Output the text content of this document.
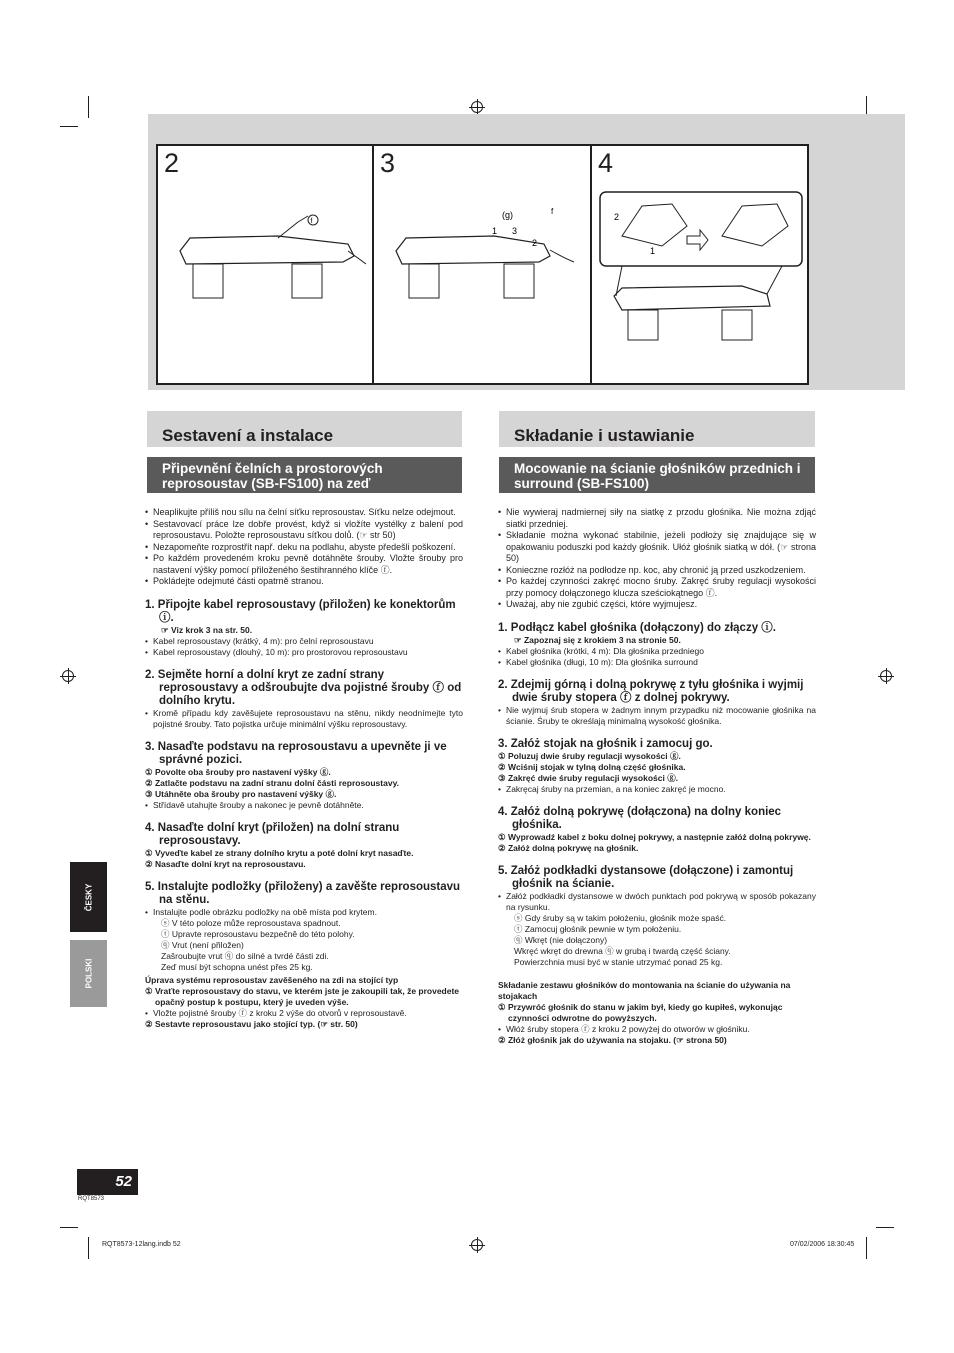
2
f
3
(g)
1 3
f
2
4
2
1
Sestavení a instalace
Připevnění čelních a prostorových reprosoustav (SB-FS100) na zeď
• Neaplikujte příliš nou sílu na čelní síťku reprosoustav. Síťku nelze odejmout.
• Sestavovací práce lze dobře provést, když si vložíte vystélky z balení pod reprosoustavu. Položte reprosoustavu síťkou dolů. (☞ str 50)
• Nezapomeňte rozprostřít např. deku na podlahu, abyste předešli poškození.
• Po každém provedeném kroku pevně dotáhněte šrouby. Vložte šrouby pro nastavení výšky pomocí přiloženého šestihranného klíče ⓕ.
• Pokládejte odejmuté části opatrně stranou.
1. Připojte kabel reprosoustavy (přiložen) ke konektorům ⓘ.
☞ Viz krok 3 na str. 50.
• Kabel reprosoustavy (krátký, 4 m): pro čelní reprosoustavu
• Kabel reprosoustavy (dlouhý, 10 m): pro prostorovou reprosoustavu
2. Sejměte horní a dolní kryt ze zadní strany reprosoustavy a odšroubujte dva pojistné šrouby ⓕ od dolního krytu.
• Kromě případu kdy zavěšujete reprosoustavu na stěnu, nikdy neodnímejte tyto pojistné šrouby. Tato pojistka určuje minimální výšku reprosoustavy.
3. Nasaďte podstavu na reprosoustavu a upevněte ji ve správné pozici.
① Povolte oba šrouby pro nastavení výšky ⓖ.
② Zatlačte podstavu na zadní stranu dolní části reprosoustavy.
③ Utáhněte oba šrouby pro nastavení výšky ⓖ.
• Střídavě utahujte šrouby a nakonec je pevně dotáhněte.
4. Nasaďte dolní kryt (přiložen) na dolní stranu reprosoustavy.
① Vyveďte kabel ze strany dolního krytu a poté dolní kryt nasaďte.
② Nasaďte dolní kryt na reprosoustavu.
5. Instalujte podložky (přiloženy) a zavěšte reprosoustavu na stěnu.
• Instalujte podle obrázku podložky na obě místa pod krytem.
ⓢ V této poloze může reprosoustava spadnout.
ⓣ Upravte reprosoustavu bezpečně do této polohy.
ⓠ Vrut (není přiložen)
Zašroubujte vrut ⓠ do silné a tvrdé části zdi.
Zeď musí být schopna unést přes 25 kg.
Úprava systému reprosoustav zavěšeného na zdi na stojící typ
① Vraťte reprosoustavy do stavu, ve kterém jste je zakoupili tak, že provedete opačný postup k postupu, který je uveden výše.
• Vložte pojistné šrouby ⓕ z kroku 2 výše do otvorů v reprosoustavě.
② Sestavte reprosoustavu jako stojící typ. (☞ str. 50)
Składanie i ustawianie
Mocowanie na ścianie głośników przednich i surround (SB-FS100)
• Nie wywieraj nadmiernej siły na siatkę z przodu głośnika. Nie można zdjąć siatki przedniej.
• Składanie można wykonać stabilnie, jeżeli podłoży się znajdujące się w opakowaniu poduszki pod każdy głośnik. Ułóż głośnik siatką w dół. (☞ strona 50)
• Konieczne rozłóż na podłodze np. koc, aby chronić ją przed uszkodzeniem.
• Po każdej czynności zakręć mocno śruby. Zakręć śruby regulacji wysokości przy pomocy dołączonego klucza sześciokątnego ⓕ.
• Uważaj, aby nie zgubić części, które wyjmujesz.
1. Podłącz kabel głośnika (dołączony) do złączy ⓘ.
☞ Zapoznaj się z krokiem 3 na stronie 50.
• Kabel głośnika (krótki, 4 m): Dla głośnika przedniego
• Kabel głośnika (długi, 10 m): Dla głośnika surround
2. Zdejmij górną i dolną pokrywę z tyłu głośnika i wyjmij dwie śruby stopera ⓕ z dolnej pokrywy.
• Nie wyjmuj śrub stopera w żadnym innym przypadku niż mocowanie głośnika na ścianie. Śruby te określają minimalną wysokość głośnika.
3. Załóż stojak na głośnik i zamocuj go.
① Poluzuj dwie śruby regulacji wysokości ⓖ.
② Wciśnij stojak w tylną dolną część głośnika.
③ Zakręć dwie śruby regulacji wysokości ⓖ.
• Zakręcaj śruby na przemian, a na koniec zakręć je mocno.
4. Załóż dolną pokrywę (dołączona) na dolny koniec głośnika.
① Wyprowadź kabel z boku dolnej pokrywy, a następnie załóż dolną pokrywę.
② Załóż dolną pokrywę na głośnik.
5. Załóż podkładki dystansowe (dołączone) i zamontuj głośnik na ścianie.
• Załóż podkładki dystansowe w dwóch punktach pod pokrywą w sposób pokazany na rysunku.
ⓢ Gdy śruby są w takim położeniu, głośnik może spaść.
ⓣ Zamocuj głośnik pewnie w tym położeniu.
ⓠ Wkręt (nie dołączony)
Wkręć wkręt do drewna ⓠ w grubą i twardą część ściany.
Powierzchnia musi być w stanie utrzymać ponad 25 kg.
Składanie zestawu głośników do montowania na ścianie do używania na stojakach
① Przywróć głośnik do stanu w jakim był, kiedy go kupiłeś, wykonując czynności odwrotne do powyższych.
• Włóż śruby stopera ⓕ z kroku 2 powyżej do otworów w głośniku.
② Złóż głośnik jak do używania na stojaku. (☞ strona 50)
ČESKY
POLSKI
52
RQT8573
RQT8573-12lang.indb 52	07/02/2006 18:30:45
